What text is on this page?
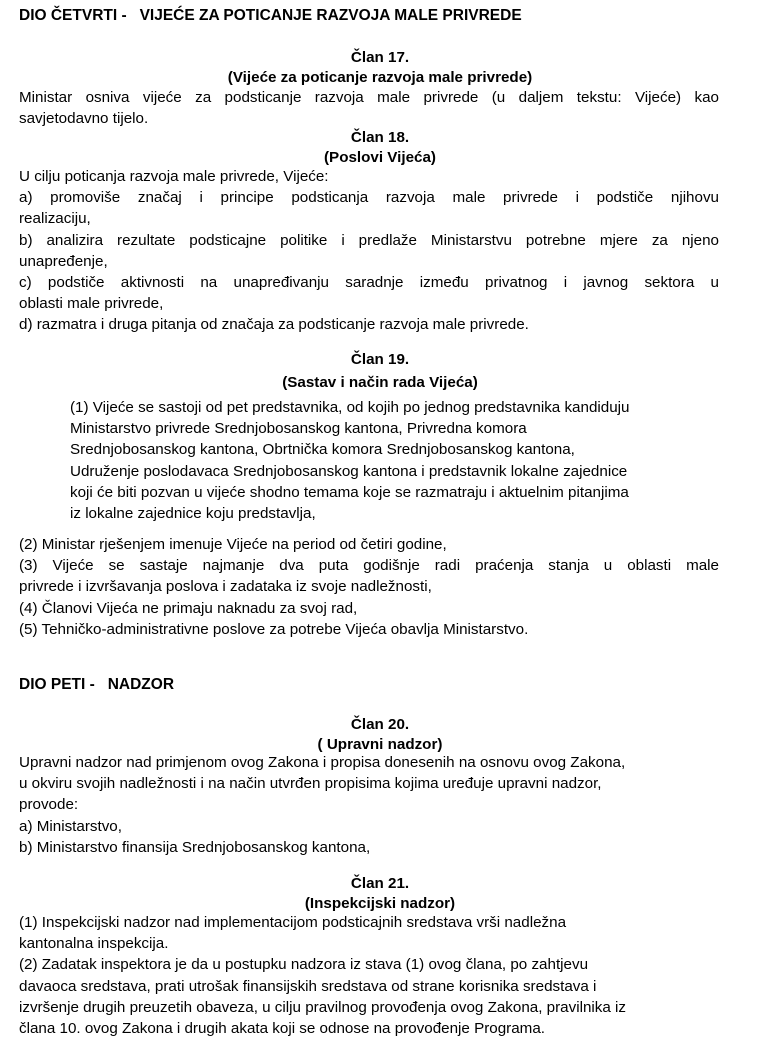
DIO ČETVRTI - VIJEĆE ZA POTICANJE RAZVOJA MALE PRIVREDE
Član 17.
(Vijeće za poticanje razvoja male privrede)
Ministar osniva vijeće za podsticanje razvoja male privrede (u daljem tekstu: Vijeće) kao
savjetodavno tijelo.
Član 18.
(Poslovi Vijeća)
U cilju poticanja razvoja male privrede, Vijeće:
a) promoviše značaj i principe podsticanja razvoja male privrede i podstiče njihovu
realizaciju,
b) analizira rezultate podsticajne politike i predlaže Ministarstvu potrebne mjere za njeno
unapređenje,
c) podstiče aktivnosti na unapređivanju saradnje između privatnog i javnog sektora u
oblasti male privrede,
d) razmatra i druga pitanja od značaja za podsticanje razvoja male privrede.
Član 19.
(Sastav i način rada Vijeća)
(1) Vijeće se sastoji od pet predstavnika, od kojih po jednog predstavnika kandiduju
Ministarstvo privrede Srednjobosanskog kantona, Privredna komora
Srednjobosanskog kantona, Obrtnička komora Srednjobosanskog kantona,
Udruženje poslodavaca Srednjobosanskog kantona i predstavnik lokalne zajednice
koji će biti pozvan u vijeće shodno temama koje se razmatraju i aktuelnim pitanjima
iz lokalne zajednice koju predstavlja,
(2) Ministar rješenjem imenuje Vijeće na period od četiri godine,
(3) Vijeće se sastaje najmanje dva puta godišnje radi praćenja stanja u oblasti male
privrede i izvršavanja poslova i zadataka iz svoje nadležnosti,
(4) Članovi Vijeća ne primaju naknadu za svoj rad,
(5) Tehničko-administrativne poslove za potrebe Vijeća obavlja Ministarstvo.
DIO PETI - NADZOR
Član 20.
( Upravni nadzor)
Upravni nadzor nad primjenom ovog Zakona i propisa donesenih na osnovu ovog Zakona,
u okviru svojih nadležnosti i na način utvrđen propisima kojima uređuje upravni nadzor,
provode:
a) Ministarstvo,
b) Ministarstvo finansija Srednjobosanskog kantona,
Član 21.
(Inspekcijski nadzor)
(1) Inspekcijski nadzor nad implementacijom podsticajnih sredstava vrši nadležna
kantonalna inspekcija.
(2) Zadatak inspektora je da u postupku nadzora iz stava (1) ovog člana, po zahtjevu
davaoca sredstava, prati utrošak finansijskih sredstava od strane korisnika sredstava i
izvršenje drugih preuzetih obaveza, u cilju pravilnog provođenja ovog Zakona, pravilnika iz
člana 10. ovog Zakona i drugih akata koji se odnose na provođenje Programa.
